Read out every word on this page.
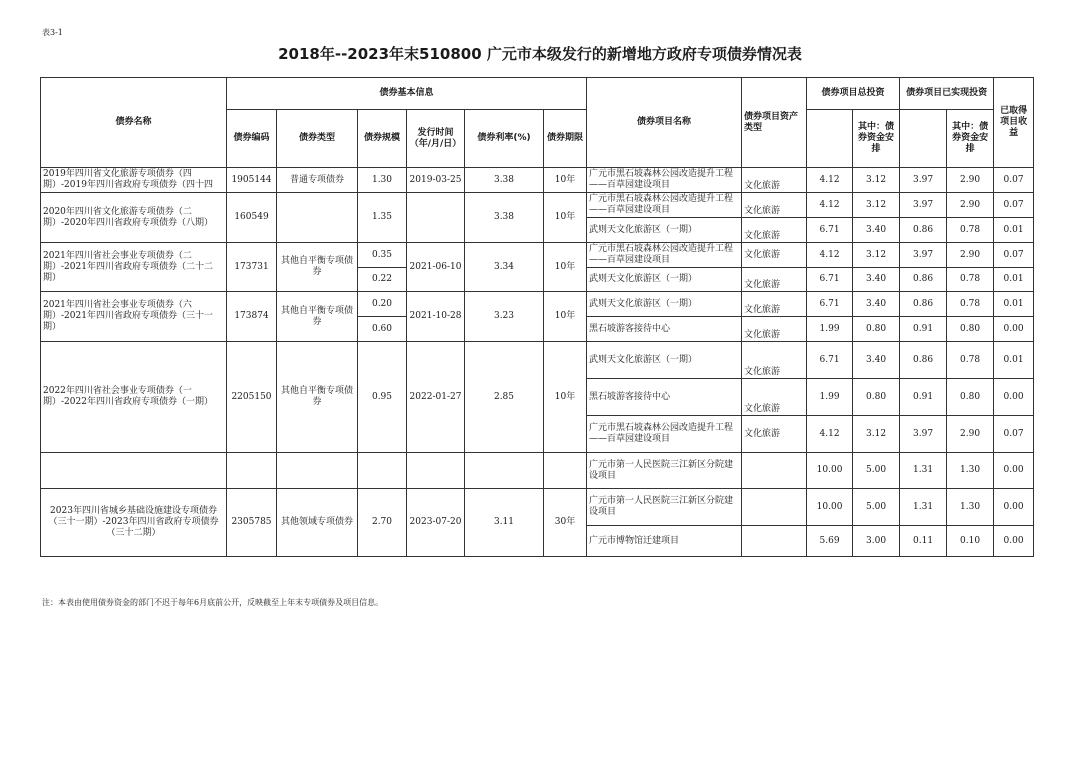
表3-1
2018年--2023年末510800 广元市本级发行的新增地方政府专项债券情况表
债券名称	债券基本信息						债券项目名称	债券项目资产类型	债券项目总投资		债券项目已实现投资		已取得项目收益
	债券编码	债券类型	债券规模	发行时间（年/月/日）	债券利率(%)	债券期限				其中：债券资金安排		其中：债券资金安排	
2019年四川省文化旅游专项债券（四期）-2019年四川省政府专项债券（四十四	1905144	普通专项债券	1.30	2019-03-25	3.38	10年	广元市黑石坡森林公园改造提升工程——百草园建设项目	文化旅游	4.12	3.12	3.97	2.90	0.07
2020年四川省文化旅游专项债券（二期）-2020年四川省政府专项债券（八期）	160549		1.35		3.38	10年	广元市黑石坡森林公园改造提升工程——百草园建设项目	文化旅游	4.12	3.12	3.97	2.90	0.07
							武则天文化旅游区（一期）	文化旅游	6.71	3.40	0.86	0.78	0.01
2021年四川省社会事业专项债券（二期）-2021年四川省政府专项债券（二十二期）	173731	其他自平衡专项债券	0.35	2021-06-10	3.34	10年	广元市黑石坡森林公园改造提升工程——百草园建设项目	文化旅游	4.12	3.12	3.97	2.90	0.07
			0.22				武则天文化旅游区（一期）	文化旅游	6.71	3.40	0.86	0.78	0.01
2021年四川省社会事业专项债券（六期）-2021年四川省政府专项债券（三十一期）	173874	其他自平衡专项债券	0.20	2021-10-28	3.23	10年	武则天文化旅游区（一期）	文化旅游	6.71	3.40	0.86	0.78	0.01
			0.60				黑石坡游客接待中心	文化旅游	1.99	0.80	0.91	0.80	0.00
2022年四川省社会事业专项债券（一期）-2022年四川省政府专项债券（一期）	2205150	其他自平衡专项债券	0.95	2022-01-27	2.85	10年	武则天文化旅游区（一期）	文化旅游	6.71	3.40	0.86	0.78	0.01
							黑石坡游客接待中心	文化旅游	1.99	0.80	0.91	0.80	0.00
							广元市黑石坡森林公园改造提升工程——百草园建设项目	文化旅游	4.12	3.12	3.97	2.90	0.07
							广元市第一人民医院三江新区分院建设项目		10.00	5.00	1.31	1.30	0.00
2023年四川省城乡基础设施建设专项债券（三十一期）-2023年四川省政府专项债券（三十二期）	2305785	其他领域专项债券	2.70	2023-07-20	3.11	30年	广元市第一人民医院三江新区分院建设项目		10.00	5.00	1.31	1.30	0.00
							广元市博物馆迁建项目		5.69	3.00	0.11	0.10	0.00
注：本表由使用债券资金的部门不迟于每年6月底前公开，反映截至上年末专项债券及项目信息。
